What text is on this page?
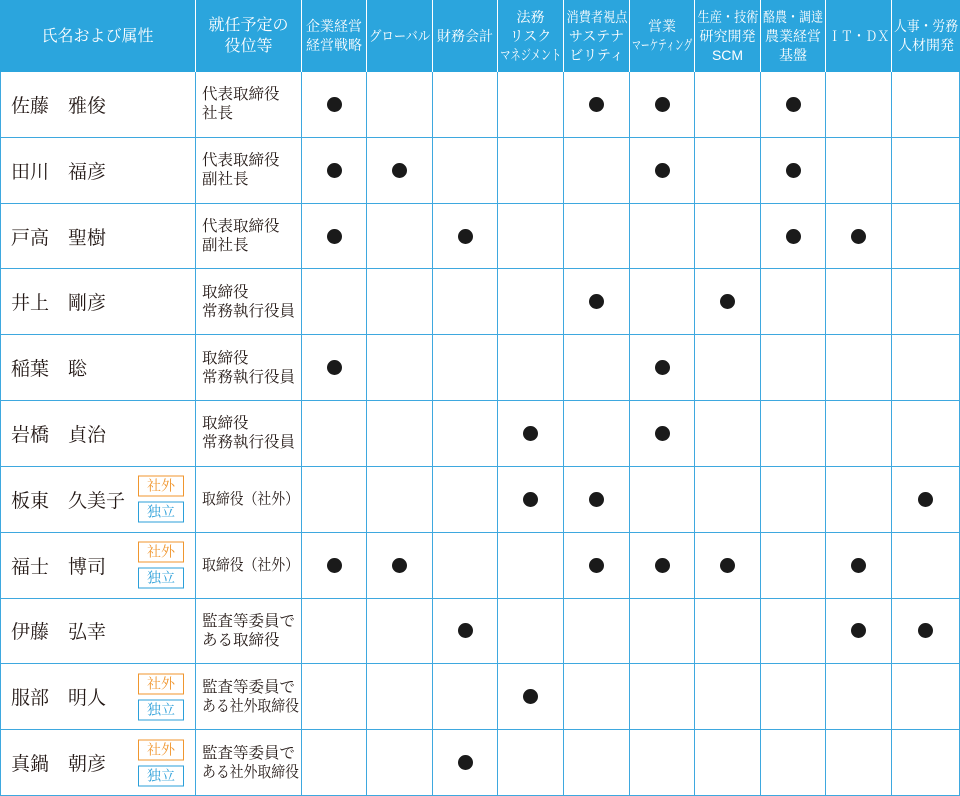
氏名および属性
就任予定の
役位等
企業経営
経営戦略
グローバル 財務会計
法務
リスク
マネジメント
消費者視点
サステナ
ビリティ
営業
マーケティング
生産・技術
研究開発
SCM
酪農・調達
農業経営
基盤
ＩＴ・ＤＸ
人事・労務
人材開発
佐藤　雅俊
代表取締役
社長
田川　福彦
代表取締役
副社長
戸高　聖樹
代表取締役
副社長
井上　剛彦
取締役
常務執行役員
稲葉　聡
取締役
常務執行役員
岩橋　貞治
取締役
常務執行役員
板東　久美子
社外
独立
取締役（社外）
福士　博司
社外
独立
取締役（社外）
伊藤　弘幸
監査等委員で
ある取締役
服部　明人
社外
独立
監査等委員で
ある社外取締役
真鍋　朝彦
社外
独立
監査等委員で
ある社外取締役
